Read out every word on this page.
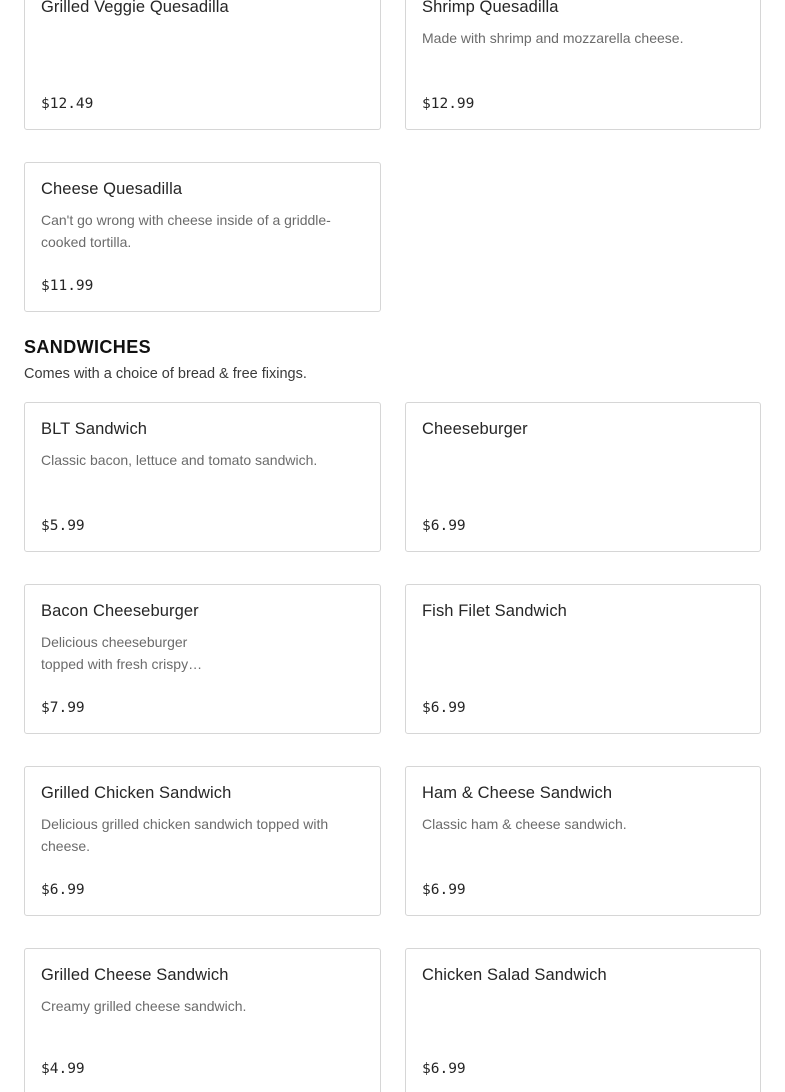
Grilled Veggie Quesadilla
$12.49
Shrimp Quesadilla
Made with shrimp and mozzarella cheese.
$12.99
Cheese Quesadilla
Can't go wrong with cheese inside of a griddle-cooked tortilla.
$11.99
SANDWICHES
Comes with a choice of bread & free fixings.
BLT Sandwich
Classic bacon, lettuce and tomato sandwich.
$5.99
Cheeseburger
$6.99
Bacon Cheeseburger
Delicious cheeseburger topped with fresh crispy…
$7.99
Fish Filet Sandwich
$6.99
Grilled Chicken Sandwich
Delicious grilled chicken sandwich topped with cheese.
$6.99
Ham & Cheese Sandwich
Classic ham & cheese sandwich.
$6.99
Grilled Cheese Sandwich
Creamy grilled cheese sandwich.
$4.99
Chicken Salad Sandwich
$6.99
